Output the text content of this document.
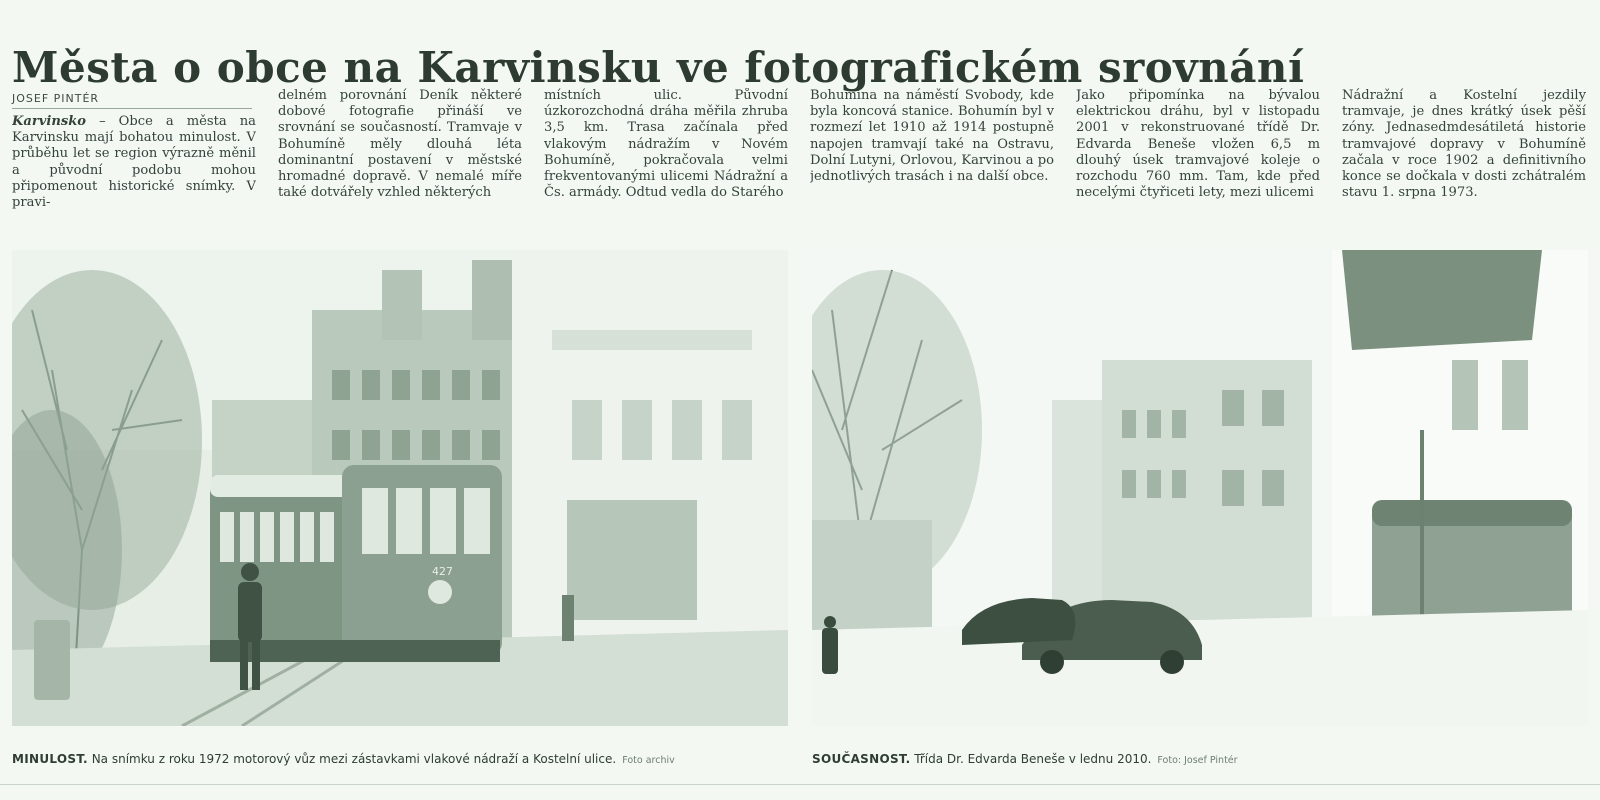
Města o obce na Karvinsku ve fotografickém srovnání
JOSEF PINTÉR
Karvinsko – Obce a města na Karvinsku mají bohatou minulost. V průběhu let se region výrazně měnil a původní podobu mohou připomenout historické snímky. V pravi-
delném porovnání Deník některé dobové fotografie přináší ve srovnání se současností. Tramvaje v Bohumíně měly dlouhá léta dominantní postavení v městské hromadné dopravě. V nemalé míře také dotvářely vzhled některých
místních ulic. Původní úzkorozchodná dráha měřila zhruba 3,5 km. Trasa začínala před vlakovým nádražím v Novém Bohumíně, pokračovala velmi frekventovanými ulicemi Nádražní a Čs. armády. Odtud vedla do Starého
Bohumína na náměstí Svobody, kde byla koncová stanice. Bohumín byl v rozmezí let 1910 až 1914 postupně napojen tramvají také na Ostravu, Dolní Lutyni, Orlovou, Karvinou a po jednotlivých trasách i na další obce.
Jako připomínka na bývalou elektrickou dráhu, byl v listopadu 2001 v rekonstruované třídě Dr. Edvarda Beneše vložen 6,5 m dlouhý úsek tramvajové koleje o rozchodu 760 mm. Tam, kde před necelými čtyřiceti lety, mezi ulicemi
Nádražní a Kostelní jezdily tramvaje, je dnes krátký úsek pěší zóny. Jednasedmdesátiletá historie tramvajové dopravy v Bohumíně začala v roce 1902 a definitivního konce se dočkala v dosti zchátralém stavu 1. srpna 1973.
427
MINULOST. Na snímku z roku 1972 motorový vůz mezi zástavkami vlakové nádraží a Kostelní ulice. Foto archiv	SOUČASNOST. Třída Dr. Edvarda Beneše v lednu 2010. Foto: Josef Pintér
